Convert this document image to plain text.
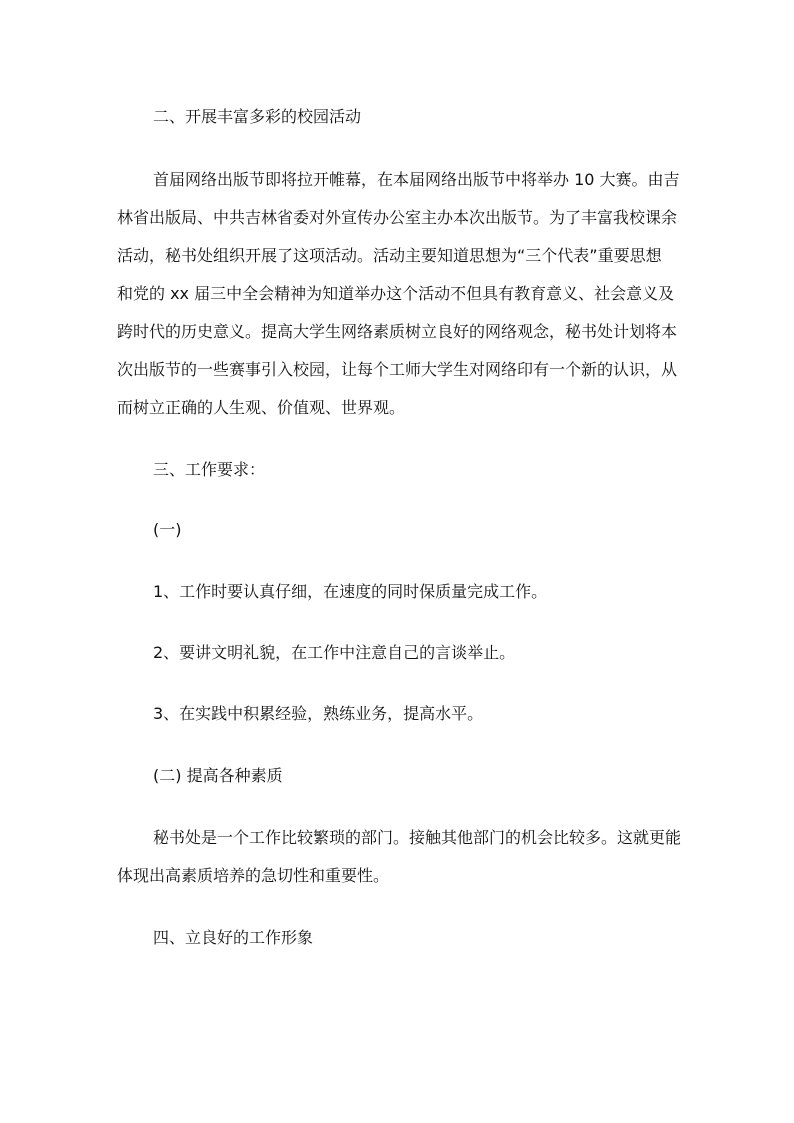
二、开展丰富多彩的校园活动
首届网络出版节即将拉开帷幕，在本届网络出版节中将举办 10 大赛。由吉
林省出版局、中共吉林省委对外宣传办公室主办本次出版节。为了丰富我校课余
活动，秘书处组织开展了这项活动。活动主要知道思想为“三个代表”重要思想
和党的 xx 届三中全会精神为知道举办这个活动不但具有教育意义、社会意义及
跨时代的历史意义。提高大学生网络素质树立良好的网络观念，秘书处计划将本
次出版节的一些赛事引入校园，让每个工师大学生对网络印有一个新的认识，从
而树立正确的人生观、价值观、世界观。
三、工作要求：
(一)
1、工作时要认真仔细，在速度的同时保质量完成工作。
2、要讲文明礼貌，在工作中注意自己的言谈举止。
3、在实践中积累经验，熟练业务，提高水平。
(二) 提高各种素质
秘书处是一个工作比较繁琐的部门。接触其他部门的机会比较多。这就更能
体现出高素质培养的急切性和重要性。
四、立良好的工作形象
